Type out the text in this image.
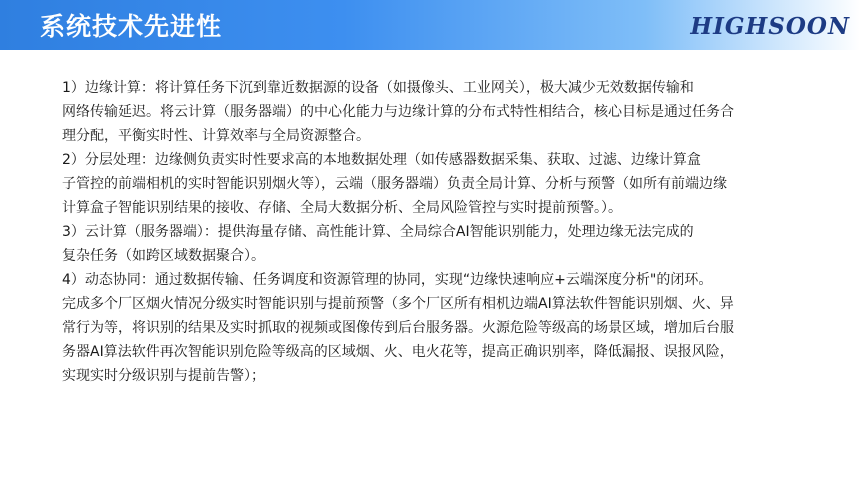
系统技术先进性	HIGHSOON

1）边缘计算：将计算任务下沉到靠近数据源的设备（如摄像头、工业网关），极大减少无效数据传输和

网络传输延迟。将云计算（服务器端）的中心化能力与边缘计算的分布式特性相结合，核心目标是通过任务合

理分配，平衡实时性、计算效率与全局资源整合。

2）分层处理：边缘侧负责实时性要求高的本地数据处理（如传感器数据采集、获取、过滤、边缘计算盒

子管控的前端相机的实时智能识别烟火等），云端（服务器端）负责全局计算、分析与预警（如所有前端边缘

计算盒子智能识别结果的接收、存储、全局大数据分析、全局风险管控与实时提前预警。）。

3）云计算（服务器端）：提供海量存储、高性能计算、全局综合AI智能识别能力，处理边缘无法完成的

复杂任务（如跨区域数据聚合）。

4）动态协同：通过数据传输、任务调度和资源管理的协同，实现“边缘快速响应+云端深度分析"的闭环。

完成多个厂区烟火情况分级实时智能识别与提前预警（多个厂区所有相机边端AI算法软件智能识别烟、火、异

常行为等，将识别的结果及实时抓取的视频或图像传到后台服务器。火源危险等级高的场景区域，增加后台服

务器AI算法软件再次智能识别危险等级高的区域烟、火、电火花等，提高正确识别率，降低漏报、误报风险，

实现实时分级识别与提前告警）；
